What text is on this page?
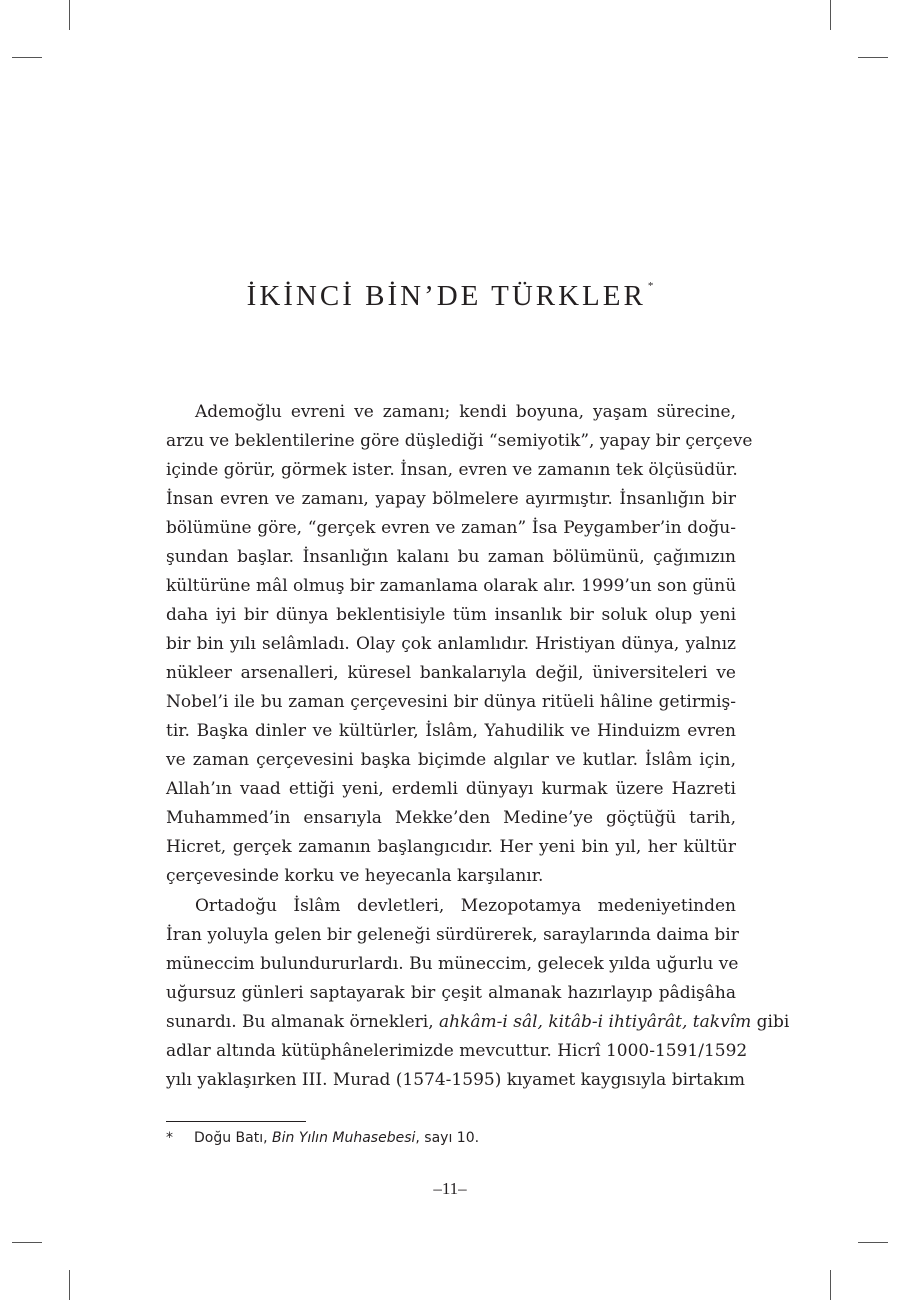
İKİNCİ BİN’DE TÜRKLER *
Ademoğlu evreni ve zamanı; kendi boyuna, yaşam sürecine,
arzu ve beklentilerine göre düşlediği “semiyotik”, yapay bir çerçeve
içinde görür, görmek ister. İnsan, evren ve zamanın tek ölçüsüdür.
İnsan evren ve zamanı, yapay bölmelere ayırmıştır. İnsanlığın bir
bölümüne göre, “gerçek evren ve zaman” İsa Peygamber’in doğu-
şundan başlar. İnsanlığın kalanı bu zaman bölümünü, çağımızın
kültürüne mâl olmuş bir zamanlama olarak alır. 1999’un son günü
daha iyi bir dünya beklentisiyle tüm insanlık bir soluk olup yeni
bir bin yılı selâmladı. Olay çok anlamlıdır. Hristiyan dünya, yalnız
nükleer arsenalleri, küresel bankalarıyla değil, üniversiteleri ve
Nobel’i ile bu zaman çerçevesini bir dünya ritüeli hâline getirmiş-
tir. Başka dinler ve kültürler, İslâm, Yahudilik ve Hinduizm evren
ve zaman çerçevesini başka biçimde algılar ve kutlar. İslâm için,
Allah’ın vaad ettiği yeni, erdemli dünyayı kurmak üzere Hazreti
Muhammed’in ensarıyla Mekke’den Medine’ye göçtüğü tarih,
Hicret, gerçek zamanın başlangıcıdır. Her yeni bin yıl, her kültür
çerçevesinde korku ve heyecanla karşılanır.
Ortadoğu İslâm devletleri, Mezopotamya medeniyetinden
İran yoluyla gelen bir geleneği sürdürerek, saraylarında daima bir
müneccim bulundururlardı. Bu müneccim, gelecek yılda uğurlu ve
uğursuz günleri saptayarak bir çeşit almanak hazırlayıp pâdişâha
sunardı. Bu almanak örnekleri, ahkâm-i sâl, kitâb-i ihtiyârât, takvîm gibi
adlar altında kütüphânelerimizde mevcuttur. Hicrî 1000-1591/1592
yılı yaklaşırken III. Murad (1574-1595) kıyamet kaygısıyla birtakım
* Doğu Batı, Bin Yılın Muhasebesi, sayı 10.
–11–
